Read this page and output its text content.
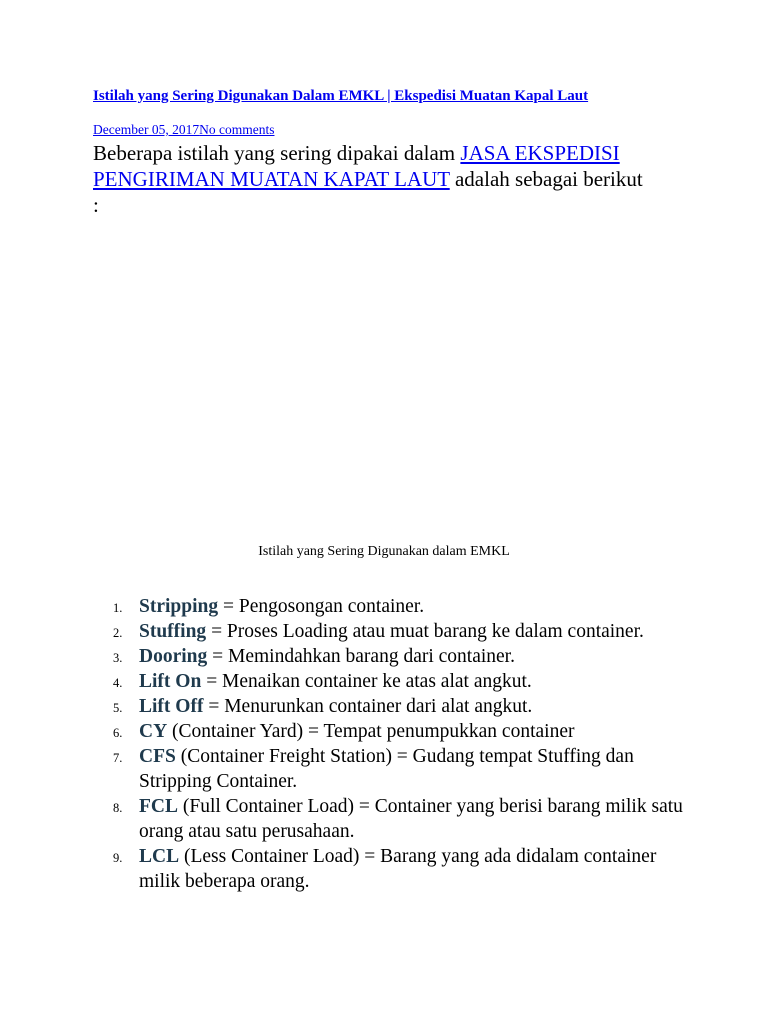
Istilah yang Sering Digunakan Dalam EMKL | Ekspedisi Muatan Kapal Laut
December 05, 2017No comments

Beberapa istilah yang sering dipakai dalam JASA EKSPEDISI PENGIRIMAN MUATAN KAPAT LAUT adalah sebagai berikut :

Istilah yang Sering Digunakan dalam EMKL
1. Stripping = Pengosongan container.
2. Stuffing = Proses Loading atau muat barang ke dalam container.
3. Dooring = Memindahkan barang dari container.
4. Lift On = Menaikan container ke atas alat angkut.
5. Lift Off = Menurunkan container dari alat angkut.
6. CY (Container Yard) = Tempat penumpukkan container
7. CFS (Container Freight Station) = Gudang tempat Stuffing dan Stripping Container.
8. FCL (Full Container Load) = Container yang berisi barang milik satu orang atau satu perusahaan.
9. LCL (Less Container Load) = Barang yang ada didalam container milik beberapa orang.
